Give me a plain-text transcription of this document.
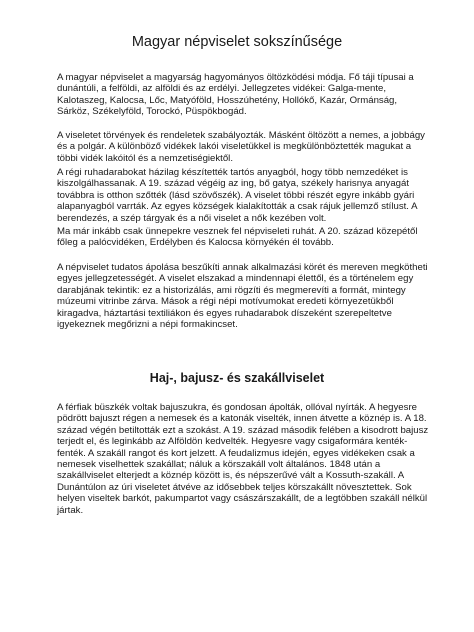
Magyar népviselet sokszínűsége

A magyar népviselet a magyarság hagyományos öltözködési módja. Fő táji típusai a dunántúli, a felföldi, az alföldi és az erdélyi. Jellegzetes vidékei: Galga-mente, Kalotaszeg, Kalocsa, Lőc, Matyóföld, Hosszúhetény, Hollókő, Kazár, Ormánság, Sárköz, Székelyföld, Torockó, Püspökbogád.

A viseletet törvények és rendeletek szabályozták. Másként öltözött a nemes, a jobbágy és a polgár. A különböző vidékek lakói viseletükkel is megkülönböztették magukat a többi vidék lakóitól és a nemzetiségiektől.

A régi ruhadarabokat házilag készítették tartós anyagból, hogy több nemzedéket is kiszolgálhassanak. A 19. század végéig az ing, bő gatya, székely harisnya anyagát továbbra is otthon szőtték (lásd szövőszék). A viselet többi részét egyre inkább gyári alapanyagból varrták. Az egyes községek kialakították a csak rájuk jellemző stílust. A berendezés, a szép tárgyak és a női viselet a nők kezében volt.

Ma már inkább csak ünnepekre vesznek fel népviseleti ruhát. A 20. század közepétől főleg a palócvidéken, Erdélyben és Kalocsa környékén él tovább.

A népviselet tudatos ápolása beszűkíti annak alkalmazási körét és mereven megkötheti egyes jellegzetességét. A viselet elszakad a mindennapi élettől, és a történelem egy darabjának tekintik: ez a historizálás, ami rögzíti és megmerevíti a formát, mintegy múzeumi vitrinbe zárva. Mások a régi népi motívumokat eredeti környezetükből kiragadva, háztartási textiliákon és egyes ruhadarabok díszeként szerepeltetve igyekeznek megőrizni a népi formakincset.

Haj-, bajusz- és szakállviselet

A férfiak büszkék voltak bajuszukra, és gondosan ápolták, ollóval nyírták. A hegyesre pödrött bajuszt régen a nemesek és a katonák viselték, innen átvette a köznép is. A 18. század végén betiltották ezt a szokást. A 19. század második felében a kisodrott bajusz terjedt el, és leginkább az Alföldön kedvelték. Hegyesre vagy csigaformára kenték-fenték. A szakáll rangot és kort jelzett. A feudalizmus idején, egyes vidékeken csak a nemesek viselhettek szakállat; náluk a körszakáll volt általános. 1848 után a szakállviselet elterjedt a köznép között is, és népszerűvé vált a Kossuth-szakáll. A Dunántúlon az úri viseletet átvéve az idősebbek teljes körszakállt növesztettek. Sok helyen viseltek barkót, pakumpartot vagy császárszakállt, de a legtöbben szakáll nélkül jártak.
